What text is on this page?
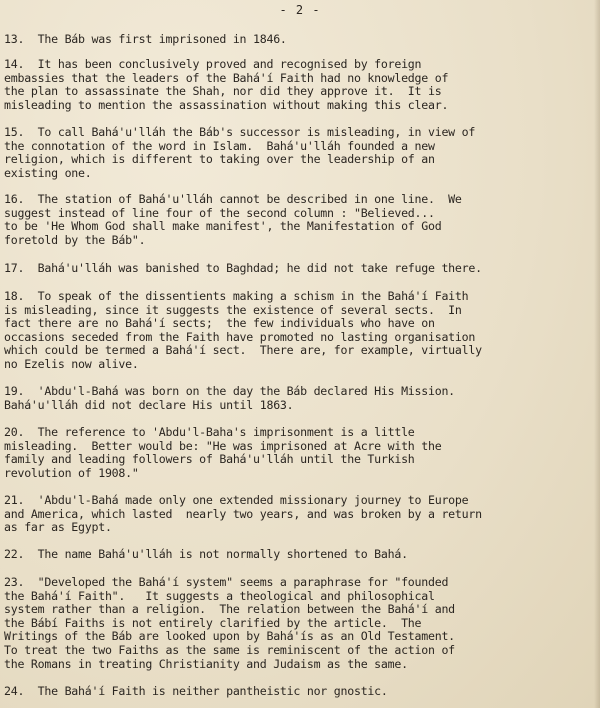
- 2 -
13.  The Báb was first imprisoned in 1846.
14.  It has been conclusively proved and recognised by foreign
embassies that the leaders of the Bahá'í Faith had no knowledge of
the plan to assassinate the Shah, nor did they approve it.  It is
misleading to mention the assassination without making this clear.
15.  To call Bahá'u'lláh the Báb's successor is misleading, in view of
the connotation of the word in Islam.  Bahá'u'lláh founded a new
religion, which is different to taking over the leadership of an
existing one.
16.  The station of Bahá'u'lláh cannot be described in one line.  We
suggest instead of line four of the second column : "Believed...
to be 'He Whom God shall make manifest', the Manifestation of God
foretold by the Báb".
17.  Bahá'u'lláh was banished to Baghdad; he did not take refuge there.
18.  To speak of the dissentients making a schism in the Bahá'í Faith
is misleading, since it suggests the existence of several sects.  In
fact there are no Bahá'í sects;  the few individuals who have on
occasions seceded from the Faith have promoted no lasting organisation
which could be termed a Bahá'í sect.  There are, for example, virtually
no Ezelis now alive.
19.  'Abdu'l-Bahá was born on the day the Báb declared His Mission.
Bahá'u'lláh did not declare His until 1863.
20.  The reference to 'Abdu'l-Baha's imprisonment is a little
misleading.  Better would be: "He was imprisoned at Acre with the
family and leading followers of Bahá'u'lláh until the Turkish
revolution of 1908."
21.  'Abdu'l-Bahá made only one extended missionary journey to Europe
and America, which lasted  nearly two years, and was broken by a return
as far as Egypt.
22.  The name Bahá'u'lláh is not normally shortened to Bahá.
23.  "Developed the Bahá'í system" seems a paraphrase for "founded
the Bahá'í Faith".   It suggests a theological and philosophical
system rather than a religion.  The relation between the Bahá'í and
the Bábí Faiths is not entirely clarified by the article.  The
Writings of the Báb are looked upon by Bahá'ís as an Old Testament.
To treat the two Faiths as the same is reminiscent of the action of
the Romans in treating Christianity and Judaism as the same.
24.  The Bahá'í Faith is neither pantheistic nor gnostic.
